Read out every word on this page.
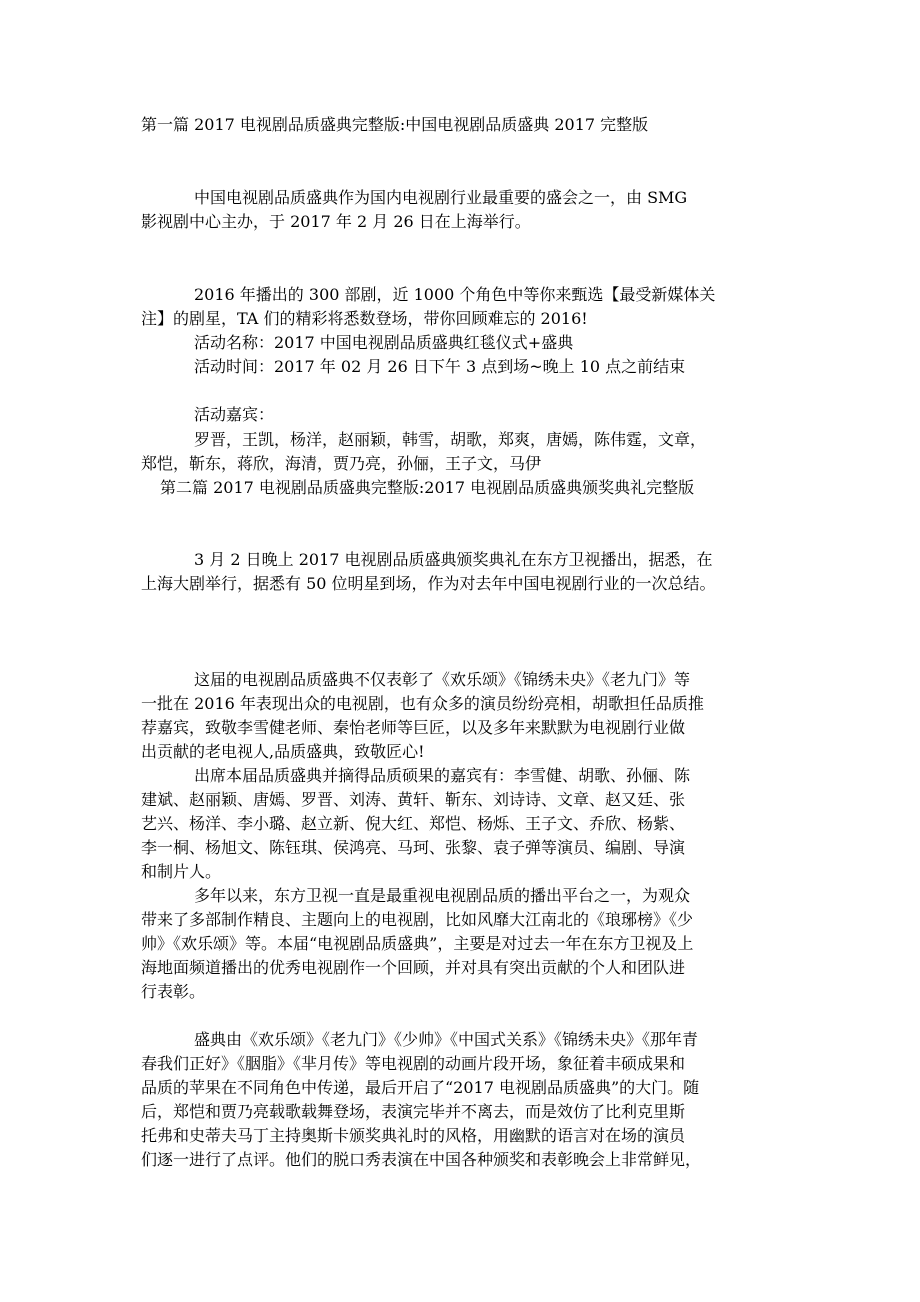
第一篇 2017 电视剧品质盛典完整版:中国电视剧品质盛典 2017 完整版
中国电视剧品质盛典作为国内电视剧行业最重要的盛会之一，由 SMG
影视剧中心主办，于 2017 年 2 月 26 日在上海举行。
2016 年播出的 300 部剧，近 1000 个角色中等你来甄选【最受新媒体关
注】的剧星，TA 们的精彩将悉数登场，带你回顾难忘的 2016!
活动名称：2017 中国电视剧品质盛典红毯仪式+盛典
活动时间：2017 年 02 月 26 日下午 3 点到场~晚上 10 点之前结束
活动嘉宾：
罗晋，王凯，杨洋，赵丽颖，韩雪，胡歌，郑爽，唐嫣，陈伟霆，文章，
郑恺，靳东，蒋欣，海清，贾乃亮，孙俪，王子文，马伊
第二篇 2017 电视剧品质盛典完整版:2017 电视剧品质盛典颁奖典礼完整版
3 月 2 日晚上 2017 电视剧品质盛典颁奖典礼在东方卫视播出，据悉，在
上海大剧举行，据悉有 50 位明星到场，作为对去年中国电视剧行业的一次总结。
这届的电视剧品质盛典不仅表彰了《欢乐颂》《锦绣未央》《老九门》等
一批在 2016 年表现出众的电视剧，也有众多的演员纷纷亮相，胡歌担任品质推
荐嘉宾，致敬李雪健老师、秦怡老师等巨匠，以及多年来默默为电视剧行业做
出贡献的老电视人,品质盛典，致敬匠心!
出席本届品质盛典并摘得品质硕果的嘉宾有：李雪健、胡歌、孙俪、陈
建斌、赵丽颖、唐嫣、罗晋、刘涛、黄轩、靳东、刘诗诗、文章、赵又廷、张
艺兴、杨洋、李小璐、赵立新、倪大红、郑恺、杨烁、王子文、乔欣、杨紫、
李一桐、杨旭文、陈钰琪、侯鸿亮、马珂、张黎、袁子弹等演员、编剧、导演
和制片人。
多年以来，东方卫视一直是最重视电视剧品质的播出平台之一，为观众
带来了多部制作精良、主题向上的电视剧，比如风靡大江南北的《琅琊榜》《少
帅》《欢乐颂》等。本届“电视剧品质盛典”，主要是对过去一年在东方卫视及上
海地面频道播出的优秀电视剧作一个回顾，并对具有突出贡献的个人和团队进
行表彰。
盛典由《欢乐颂》《老九门》《少帅》《中国式关系》《锦绣未央》《那年青
春我们正好》《胭脂》《芈月传》等电视剧的动画片段开场，象征着丰硕成果和
品质的苹果在不同角色中传递，最后开启了“2017 电视剧品质盛典”的大门。随
后，郑恺和贾乃亮载歌载舞登场，表演完毕并不离去，而是效仿了比利克里斯
托弗和史蒂夫马丁主持奥斯卡颁奖典礼时的风格，用幽默的语言对在场的演员
们逐一进行了点评。他们的脱口秀表演在中国各种颁奖和表彰晚会上非常鲜见，
